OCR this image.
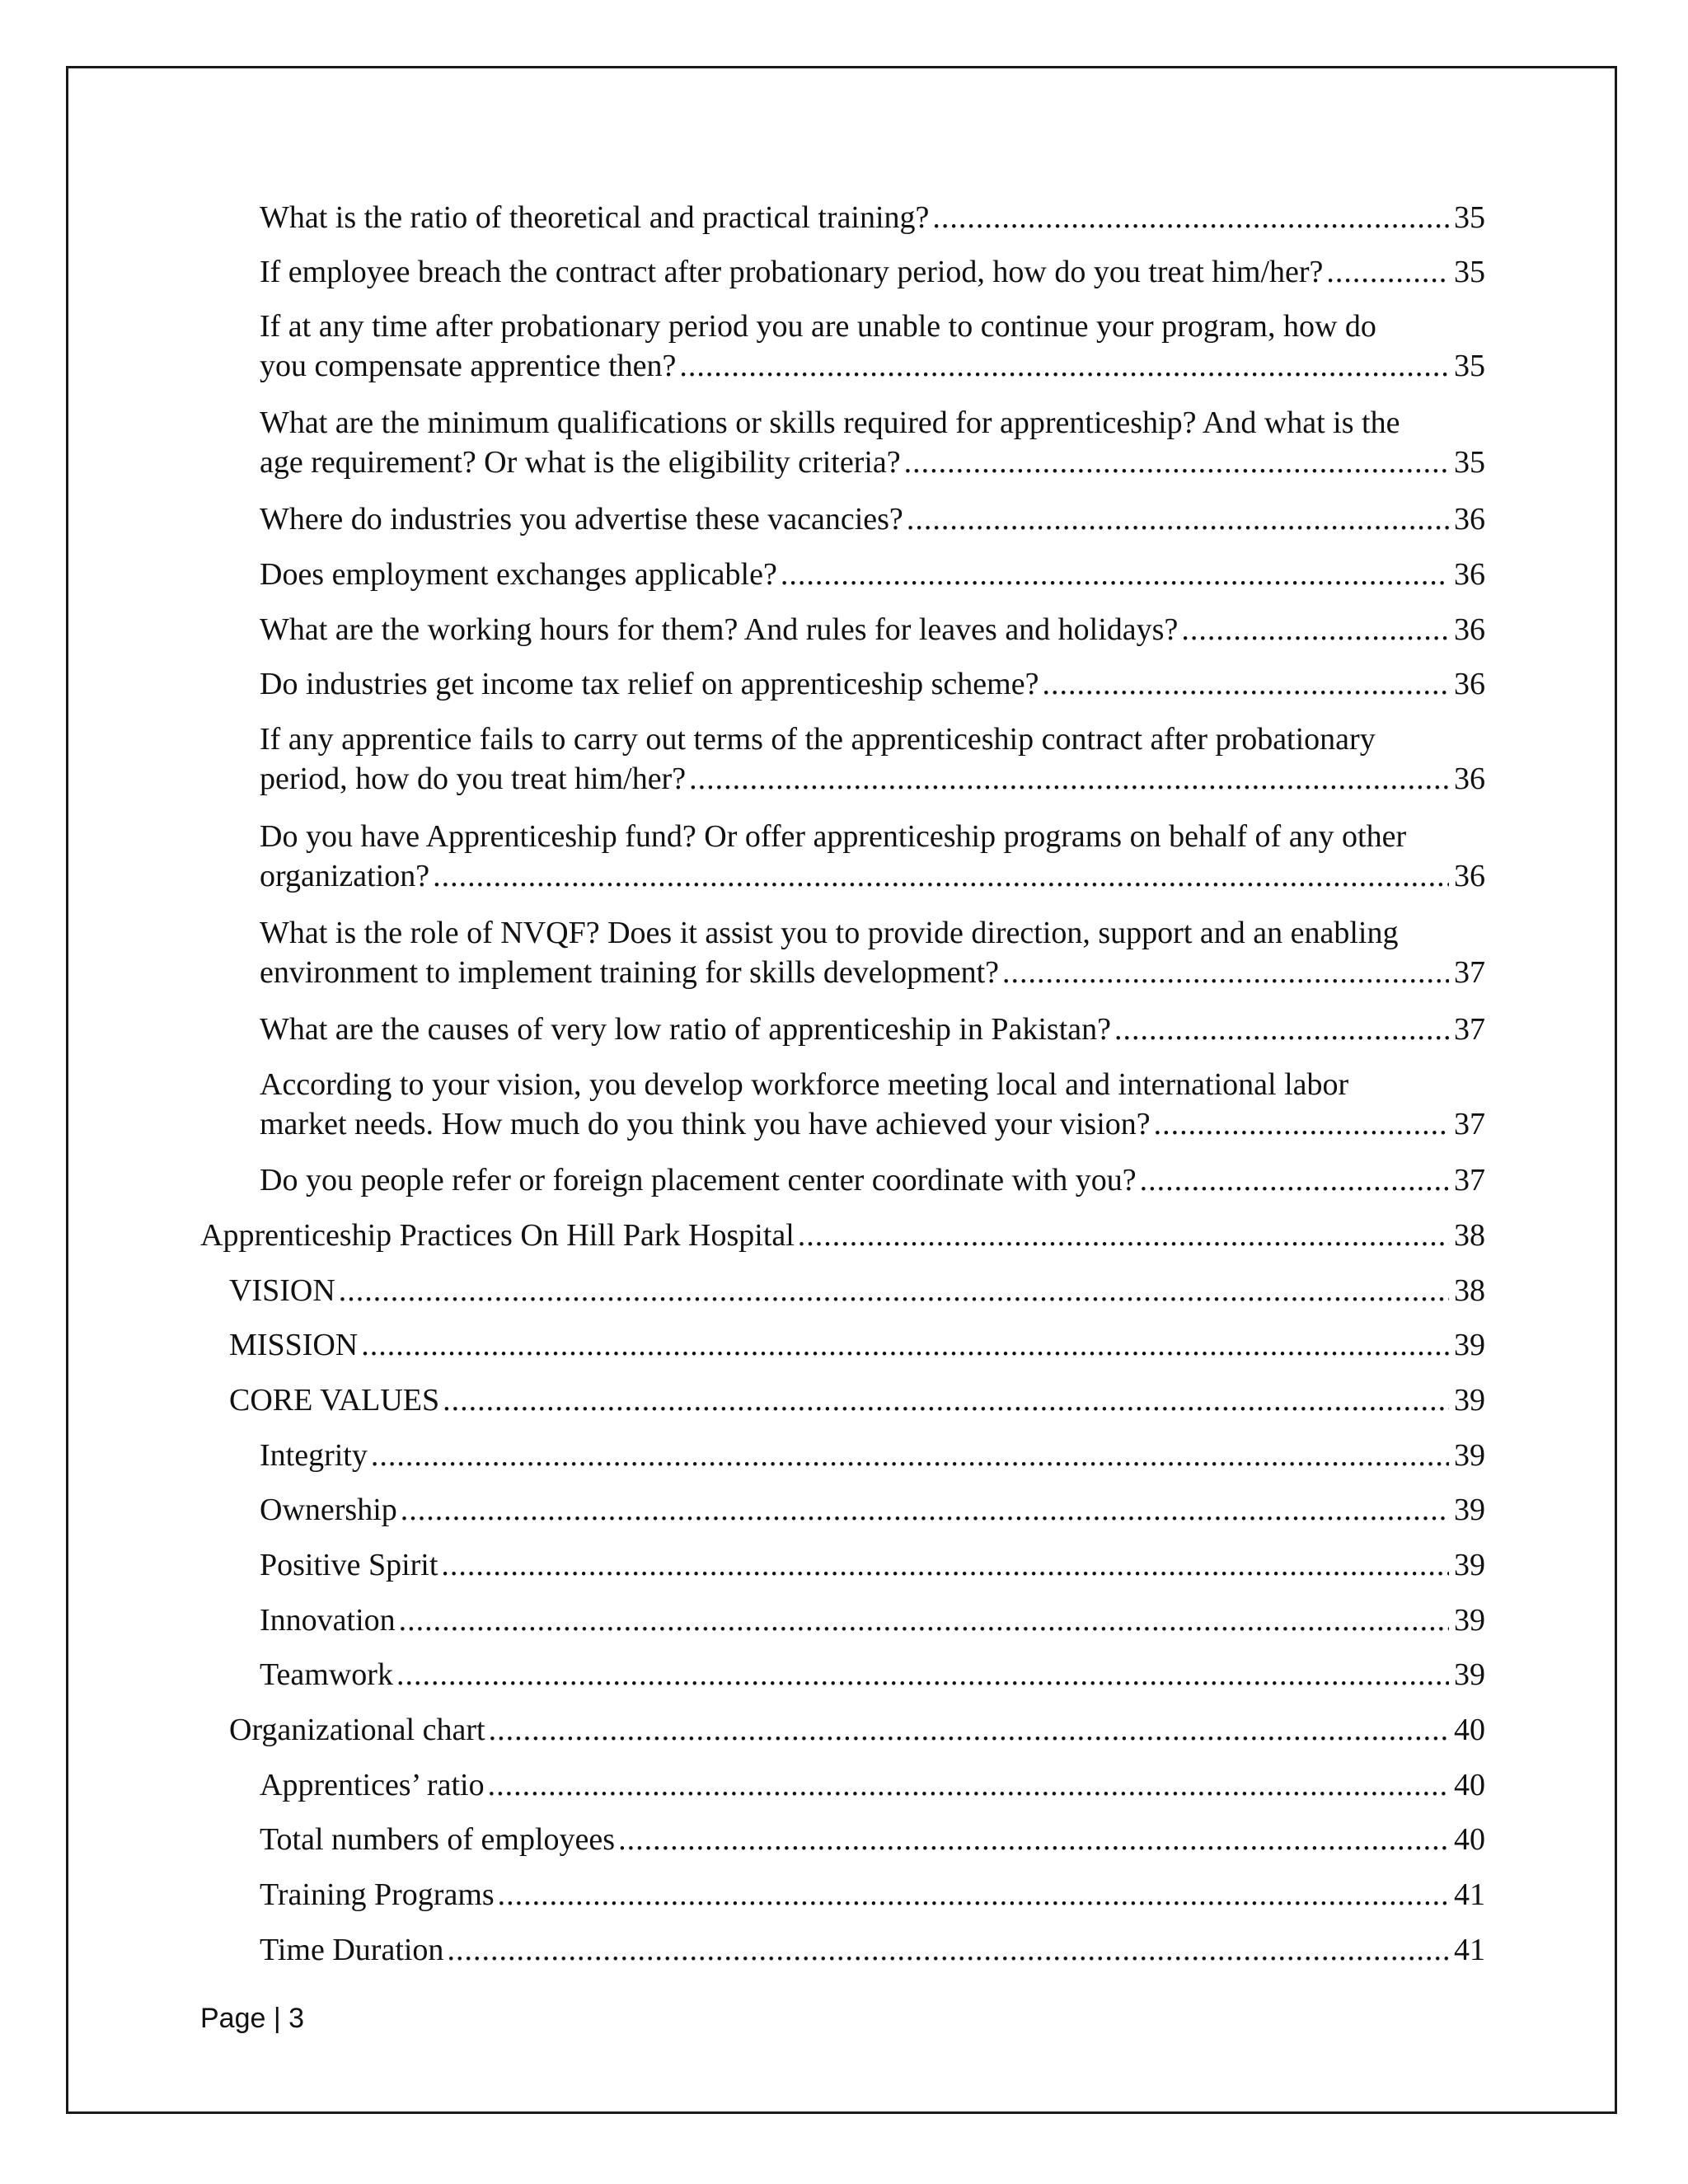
What is the ratio of theoretical and practical training? .....	35
If employee breach the contract after probationary period, how do you treat him/her? .....	35
If at any time after probationary period you are unable to continue your program, how do
you compensate apprentice then? .....	35
What are the minimum qualifications or skills required for apprenticeship? And what is the
age requirement? Or what is the eligibility criteria? .....	35
Where do industries you advertise these vacancies? .....	36
Does employment exchanges applicable? .....	36
What are the working hours for them? And rules for leaves and holidays? .....	36
Do industries get income tax relief on apprenticeship scheme? .....	36
If any apprentice fails to carry out terms of the apprenticeship contract after probationary
period, how do you treat him/her? .....	36
Do you have Apprenticeship fund? Or offer apprenticeship programs on behalf of any other
organization? .....	36
What is the role of NVQF? Does it assist you to provide direction, support and an enabling
environment to implement training for skills development? .....	37
What are the causes of very low ratio of apprenticeship in Pakistan? .....	37
According to your vision, you develop workforce meeting local and international labor
market needs. How much do you think you have achieved your vision? .....	37
Do you people refer or foreign placement center coordinate with you? .....	37
Apprenticeship Practices On Hill Park Hospital .....	38
VISION .....	38
MISSION .....	39
CORE VALUES .....	39
Integrity .....	39
Ownership .....	39
Positive Spirit .....	39
Innovation .....	39
Teamwork .....	39
Organizational chart .....	40
Apprentices’ ratio .....	40
Total numbers of employees .....	40
Training Programs .....	41
Time Duration .....	41
Page | 3
